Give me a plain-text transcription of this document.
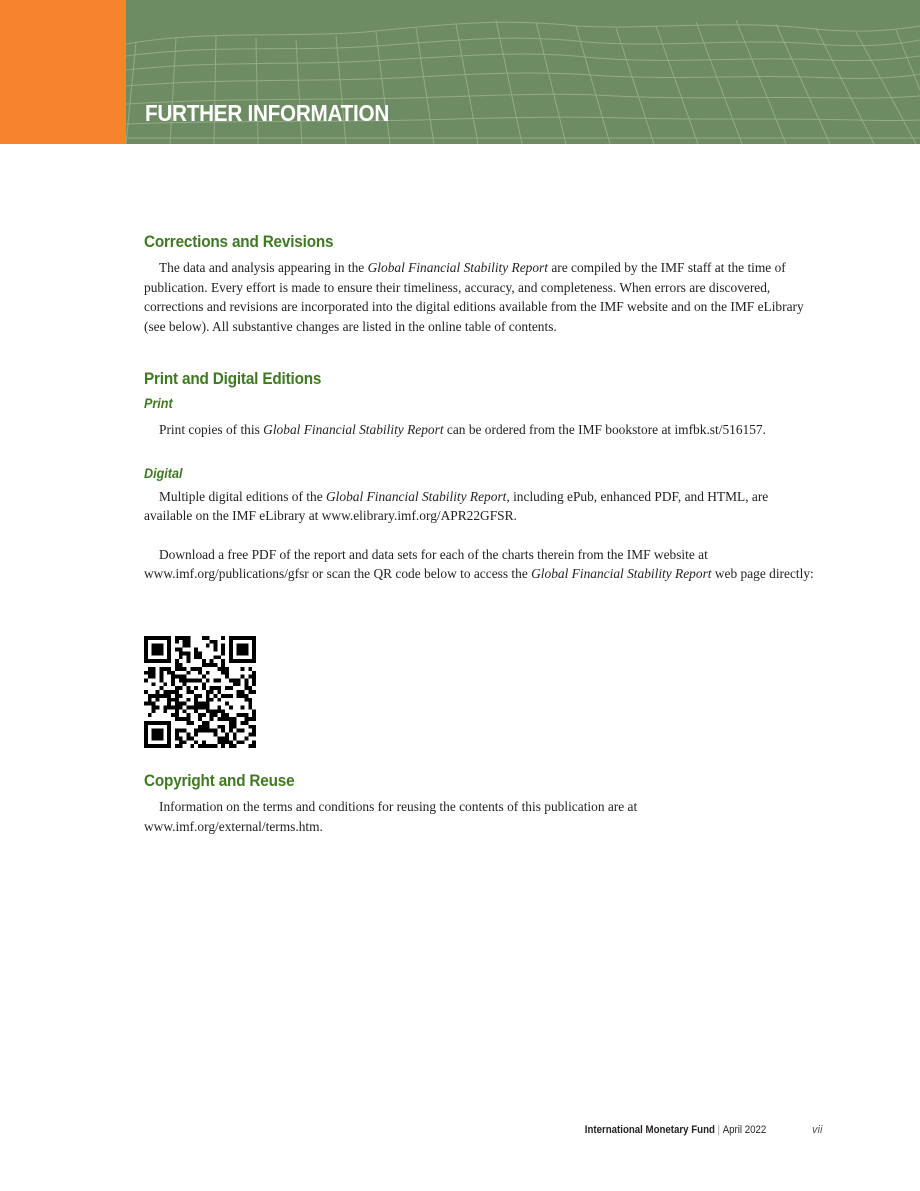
FURTHER INFORMATION
Corrections and Revisions

The data and analysis appearing in the Global Financial Stability Report are compiled by the IMF staff at the time of publication. Every effort is made to ensure their timeliness, accuracy, and completeness. When errors are discovered, corrections and revisions are incorporated into the digital editions available from the IMF website and on the IMF eLibrary (see below). All substantive changes are listed in the online table of contents.

Print and Digital Editions
Print

Print copies of this Global Financial Stability Report can be ordered from the IMF bookstore at imfbk.st/516157.

Digital

Multiple digital editions of the Global Financial Stability Report, including ePub, enhanced PDF, and HTML, are available on the IMF eLibrary at www.elibrary.imf.org/APR22GFSR.

Download a free PDF of the report and data sets for each of the charts therein from the IMF website at www.imf.org/publications/gfsr or scan the QR code below to access the Global Financial Stability Report web page directly:

Copyright and Reuse

Information on the terms and conditions for reusing the contents of this publication are at www.imf.org/external/terms.htm.

International Monetary Fund | April 2022	vii
